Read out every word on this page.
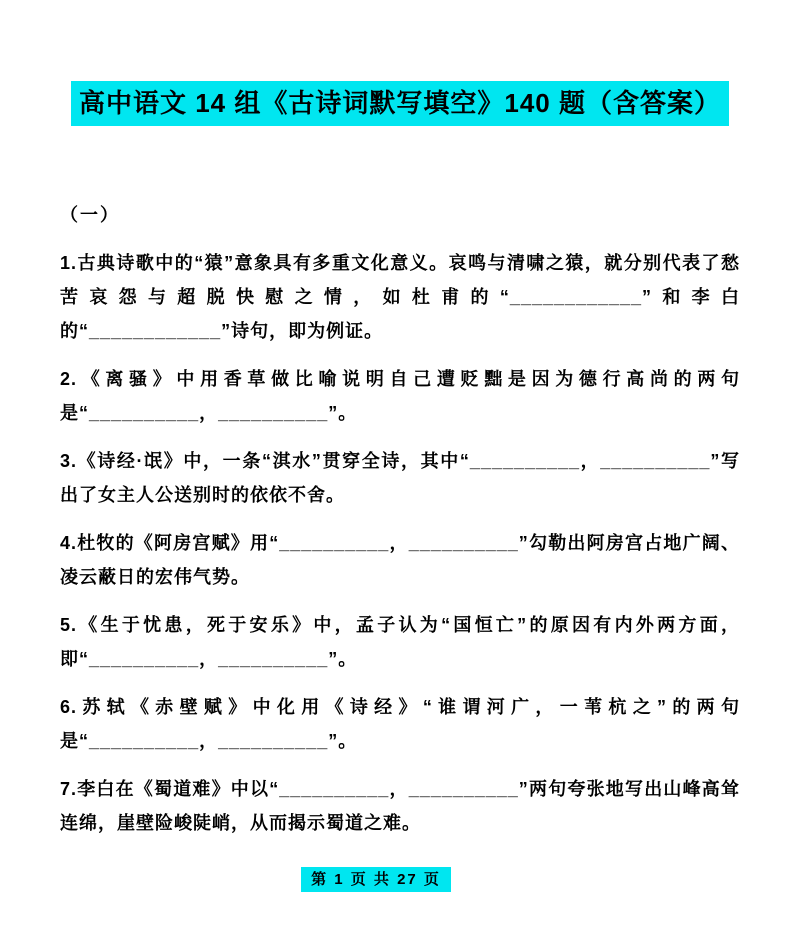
高中语文 14 组《古诗词默写填空》140 题（含答案）
（一）

1.古典诗歌中的“猿”意象具有多重文化意义。哀鸣与清啸之猿，就分别代表了愁苦哀怨与超脱快慰之情，如杜甫的“____________”和李白的“____________”诗句，即为例证。

2.《离骚》中用香草做比喻说明自己遭贬黜是因为德行高尚的两句是“__________，__________”。

3.《诗经·氓》中，一条“淇水”贯穿全诗，其中“__________，__________”写出了女主人公送别时的依依不舍。

4.杜牧的《阿房宫赋》用“__________，__________”勾勒出阿房宫占地广阔、凌云蔽日的宏伟气势。

5.《生于忧患，死于安乐》中，孟子认为“国恒亡”的原因有内外两方面，即“__________，__________”。

6.苏轼《赤壁赋》中化用《诗经》“谁谓河广，一苇杭之”的两句是“__________，__________”。

7.李白在《蜀道难》中以“__________，__________”两句夸张地写出山峰高耸连绵，崖壁险峻陡峭，从而揭示蜀道之难。

第 1 页 共 27 页
